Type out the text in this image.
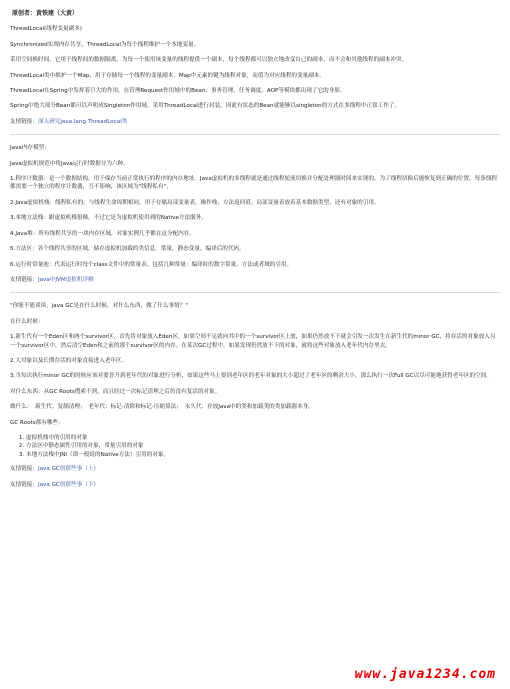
原创者：黄铁建（大黄）

ThreadLocal(线程变量副本)

Synchronized实现内存共享，ThreadLocal为每个线程维护一个本地变量。

采用空间换时间，它用于线程间的数据隔离，为每一个使用该变量的线程提供一个副本，每个线程都可以独立地改变自己的副本，而不会和其他线程的副本冲突。

ThreadLocal类中维护一个Map，用于存储每一个线程的变量副本，Map中元素的键为线程对象，而值为对应线程的变量副本。

ThreadLocal在Spring中发挥着巨大的作用，在管理Request作用域中的Bean、事务管理、任务调度、AOP等模块都出现了它的身影。

Spring中绝大部分Bean都可以声明成Singleton作用域，采用ThreadLocal进行封装，因此有状态的Bean就能够以singleton的方式在多线程中正常工作了。

友情链接：深入研究java.lang.ThreadLocal类

Java内存模型：

Java虚拟机规范中将Java运行时数据分为六种。

1.程序计数器：是一个数据结构，用于保存当前正常执行的程序的内存地址。Java虚拟机的多线程就是通过线程轮流切换并分配处理器时间来实现的，为了线程切换后能恢复到正确的位置，每条线程都需要一个独立的程序计数器，互不影响，该区域为"线程私有"。

2.Java虚拟机栈：线程私有的，与线程生命周期相同，用于存储局部变量表，操作栈，方法返回值。局部变量表放着基本数据类型，还有对象的引用。

3.本地方法栈：跟虚拟机栈很像，不过它是为虚拟机使用到的Native方法服务。

4.Java堆：所有线程共享的一块内存区域，对象实例几乎都在这分配内存。

5.方法区：各个线程共享的区域，储存虚拟机加载的类信息，常量，静态变量，编译后的代码。

6.运行时常量池：代表运行时每个class文件中的常量表。包括几种常量：编译时的数字常量、方法或者域的引用。

友情链接：Java中JVM虚拟机详解

"你能不能谈谈，java GC是在什么时候，对什么东西，做了什么事情？"

在什么时候：

1.新生代有一个Eden区和两个survivor区，首先将对象放入Eden区，如果空间不足就向其中的一个survivor区上放，如果仍然放不下就会引发一次发生在新生代的minor GC，将存活的对象放入另一个survivor区中，然后清空Eden和之前的那个survivor区的内存。在某次GC过程中，如果发现仍然放不下的对象，就将这些对象放入老年代内存里去。

2.大对象以及长期存活的对象直接进入老年区。

3.当每次执行minor GC的时候应该对要晋升到老年代的对象进行分析，如果这些马上要到老年区的老年对象的大小超过了老年区的剩余大小，那么执行一次Full GC以尽可能地获得老年区的空间。

对什么东西：从GC Roots搜索不到，而且经过一次标记清理之后仍没有复活的对象。

做什么：　新生代：复制清理；　老年代：标记-清除和标记-压缩算法；　永久代：存放Java中的类和加载类的类加载器本身。

GC Roots都有哪些：

1. 虚拟机栈中的引用的对象
2. 方法区中静态属性引用的对象，常量引用的对象
3. 本地方法栈中JNI（即一般说的Native方法）引用的对象。

友情链接：Java GC的那些事（上）

友情链接：Java GC的那些事（下）

www.java1234.com
